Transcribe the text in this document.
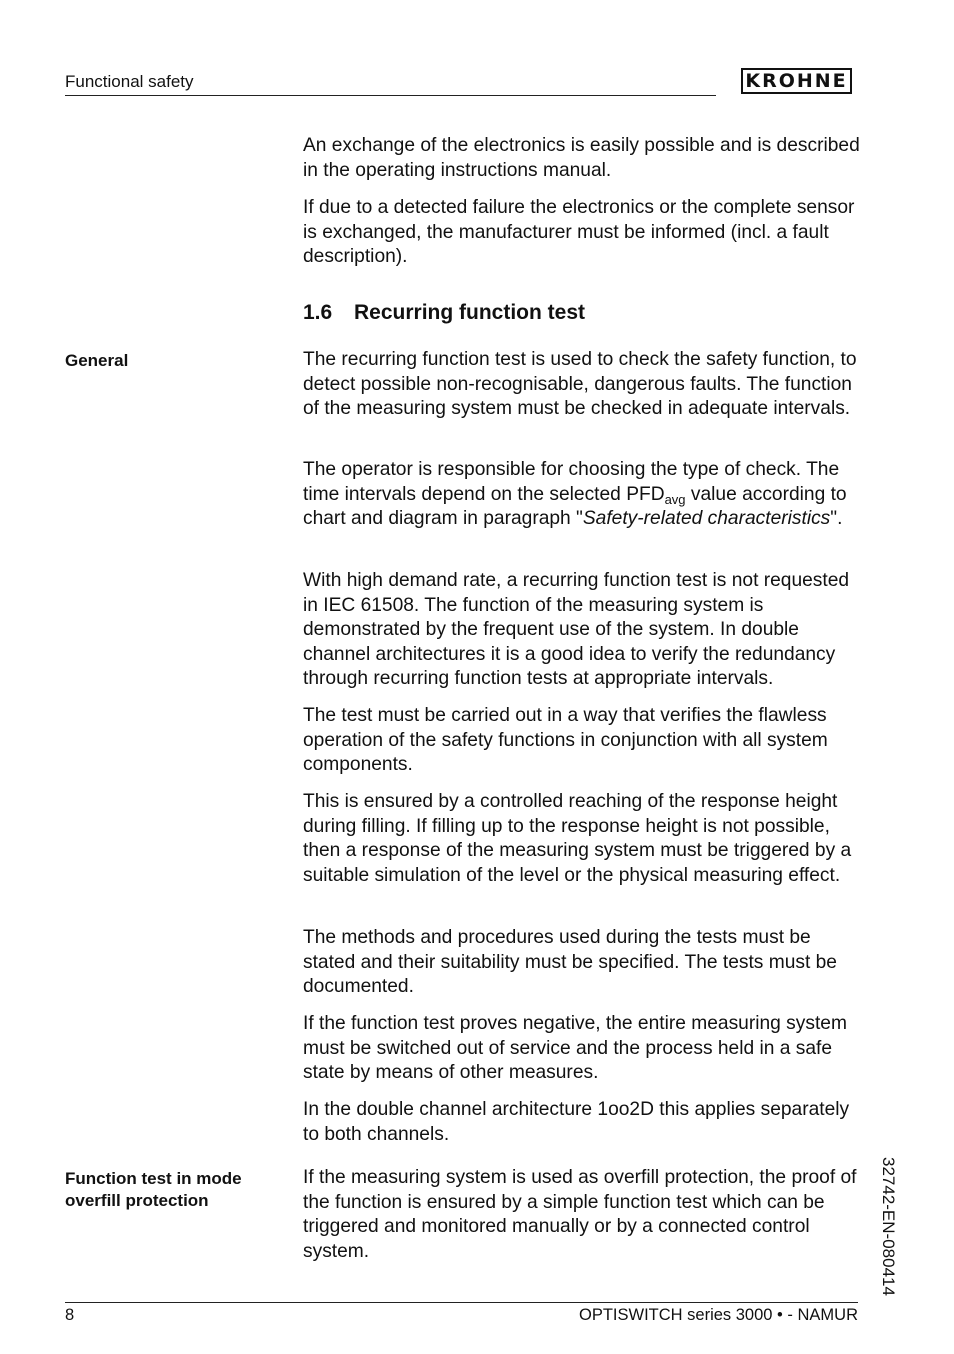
Functional safety	KROHNE

An exchange of the electronics is easily possible and is described in the operating instructions manual.

If due to a detected failure the electronics or the complete sensor is exchanged, the manufacturer must be informed (incl. a fault description).

1.6 Recurring function test
General	The recurring function test is used to check the safety function, to detect possible non-recognisable, dangerous faults. The function of the measuring system must be checked in adequate intervals.

The operator is responsible for choosing the type of check. The time intervals depend on the selected $PFD_{avg}$ value according to chart and diagram in paragraph "Safety-related characteristics".

With high demand rate, a recurring function test is not requested in IEC 61508. The function of the measuring system is demonstrated by the frequent use of the system. In double channel architectures it is a good idea to verify the redundancy through recurring function tests at appropriate intervals.

The test must be carried out in a way that verifies the flawless operation of the safety functions in conjunction with all system components.

This is ensured by a controlled reaching of the response height during filling. If filling up to the response height is not possible, then a response of the measuring system must be triggered by a suitable simulation of the level or the physical measuring effect.

The methods and procedures used during the tests must be stated and their suitability must be specified. The tests must be documented.

If the function test proves negative, the entire measuring system must be switched out of service and the process held in a safe state by means of other measures.

In the double channel architecture 1oo2D this applies separately to both channels.

Function test in mode overfill protection

If the measuring system is used as overfill protection, the proof of the function is ensured by a simple function test which can be triggered and monitored manually or by a connected control system.	32742-EN-080414
8	OPTISWITCH series 3000 • - NAMUR
